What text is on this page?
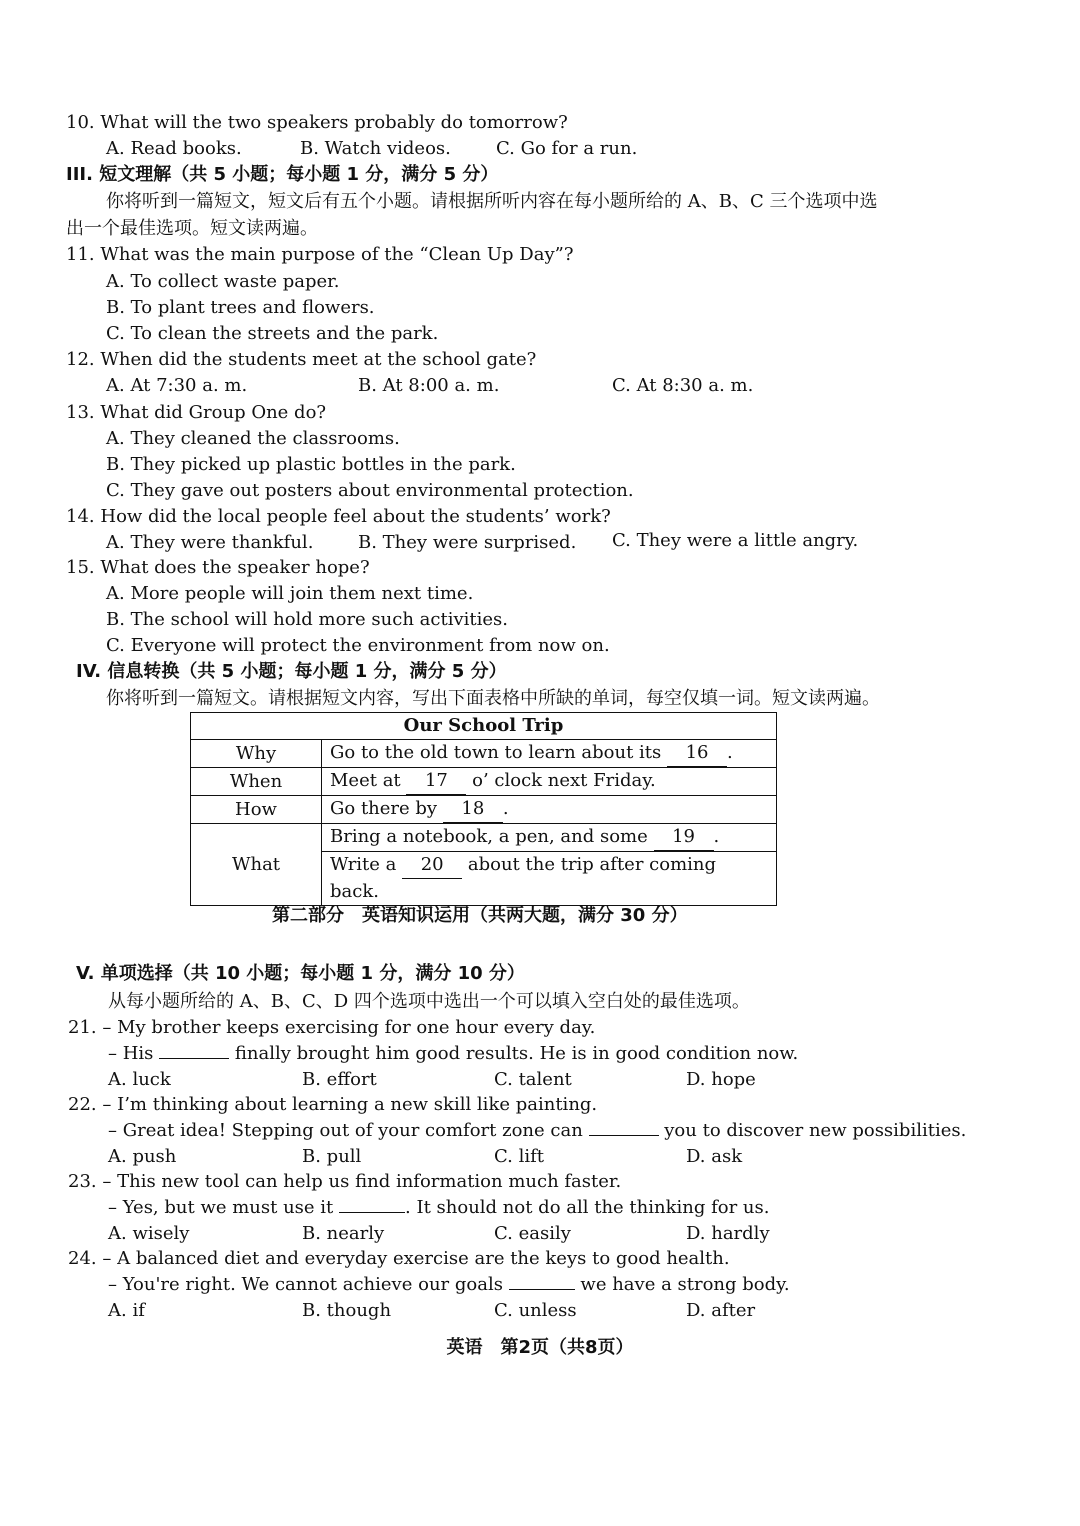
10. What will the two speakers probably do tomorrow?
A. Read books.	B. Watch videos.	C. Go for a run.
III. 短文理解（共 5 小题；每小题 1 分，满分 5 分）
你将听到一篇短文，短文后有五个小题。请根据所听内容在每小题所给的 A、B、C 三个选项中选
出一个最佳选项。短文读两遍。
11. What was the main purpose of the “Clean Up Day”?
A. To collect waste paper.
B. To plant trees and flowers.
C. To clean the streets and the park.
12. When did the students meet at the school gate?
A. At 7:30 a. m.	B. At 8:00 a. m.	C. At 8:30 a. m.
13. What did Group One do?
A. They cleaned the classrooms.
B. They picked up plastic bottles in the park.
C. They gave out posters about environmental protection.
14. How did the local people feel about the students’ work?
A. They were thankful. B. They were surprised. C. They were a little angry.
15. What does the speaker hope?
A. More people will join them next time.
B. The school will hold more such activities.
C. Everyone will protect the environment from now on.
IV. 信息转换（共 5 小题；每小题 1 分，满分 5 分）
你将听到一篇短文。请根据短文内容，写出下面表格中所缺的单词，每空仅填一词。短文读两遍。
Our School Trip	
Why	Go to the old town to learn about its 16 .
When	Meet at 17 o’ clock next Friday.
How	Go there by 18 .
What	Bring a notebook, a pen, and some 19 .
	Write a 20 about the trip after coming back.
第二部分　英语知识运用（共两大题，满分 30 分）
V. 单项选择（共 10 小题；每小题 1 分，满分 10 分）
从每小题所给的 A、B、C、D 四个选项中选出一个可以填入空白处的最佳选项。
21. – My brother keeps exercising for one hour every day.
– His	finally brought him good results. He is in good condition now.
A. luck	B. effort	C. talent	D. hope
22. – I’m thinking about learning a new skill like painting.
– Great idea! Stepping out of your comfort zone can	you to discover new possibilities.
A. push	B. pull	C. lift	D. ask
23. – This new tool can help us find information much faster.
– Yes, but we must use it	. It should not do all the thinking for us.
A. wisely	B. nearly	C. easily	D. hardly
24. – A balanced diet and everyday exercise are the keys to good health.
– You're right. We cannot achieve our goals	we have a strong body.
A. if	B. though	C. unless	D. after
英语　第2页（共8页）
